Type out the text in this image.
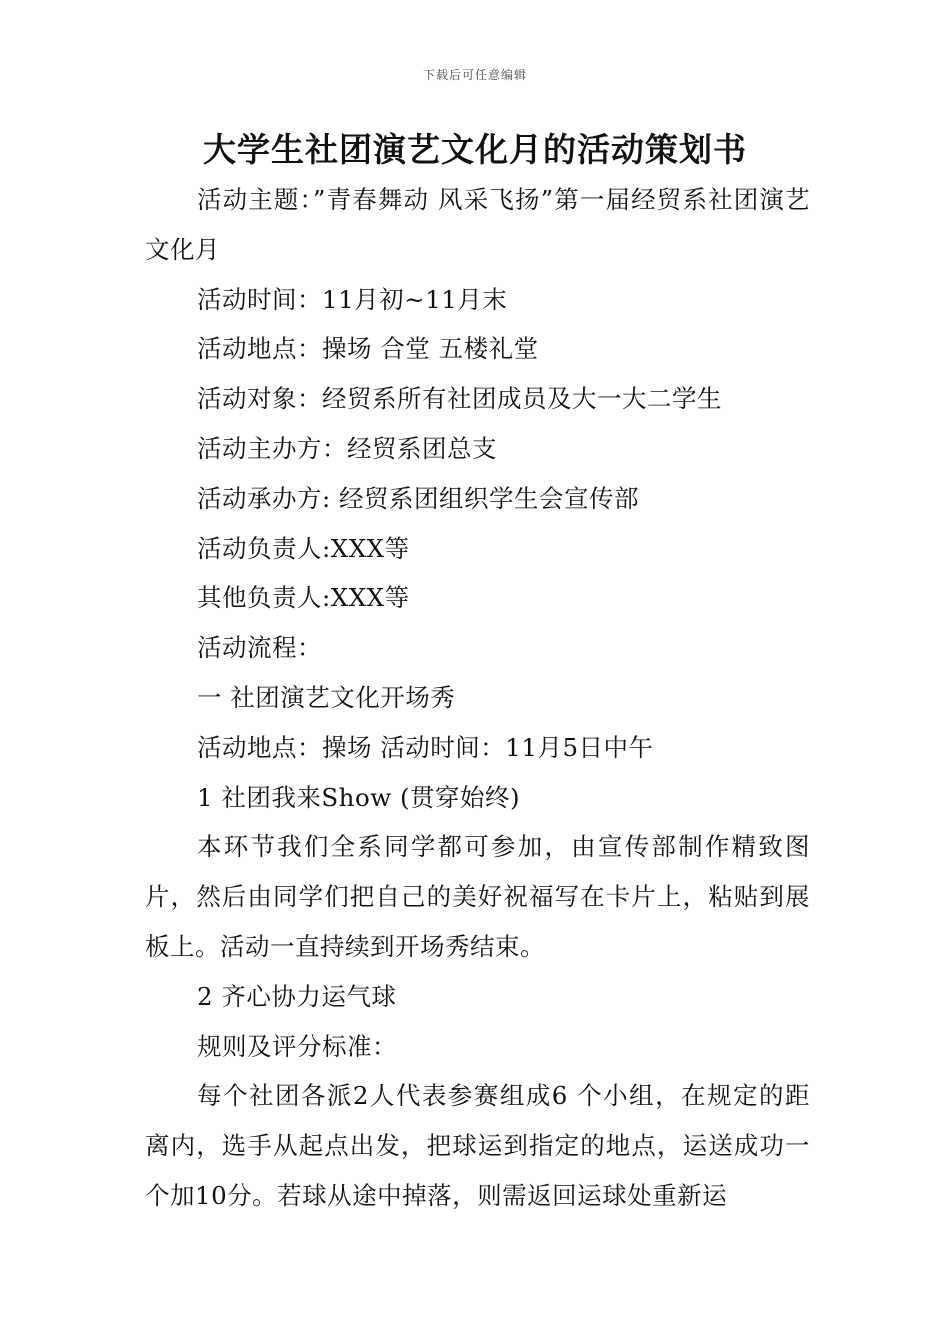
下载后可任意编辑
大学生社团演艺文化月的活动策划书

活动主题：”青春舞动 风采飞扬”第一届经贸系社团演艺文化月

活动时间：11月初~11月末

活动地点：操场 合堂 五楼礼堂

活动对象：经贸系所有社团成员及大一大二学生

活动主办方：经贸系团总支

活动承办方: 经贸系团组织学生会宣传部

活动负责人:XXX等

其他负责人:XXX等

活动流程：

一 社团演艺文化开场秀

活动地点：操场 活动时间：11月5日中午

1 社团我来Show (贯穿始终)

本环节我们全系同学都可参加，由宣传部制作精致图片，然后由同学们把自己的美好祝福写在卡片上，粘贴到展板上。活动一直持续到开场秀结束。

2 齐心协力运气球

规则及评分标准：

每个社团各派2人代表参赛组成6 个小组，在规定的距离内，选手从起点出发，把球运到指定的地点，运送成功一个加10分。若球从途中掉落，则需返回运球处重新运
